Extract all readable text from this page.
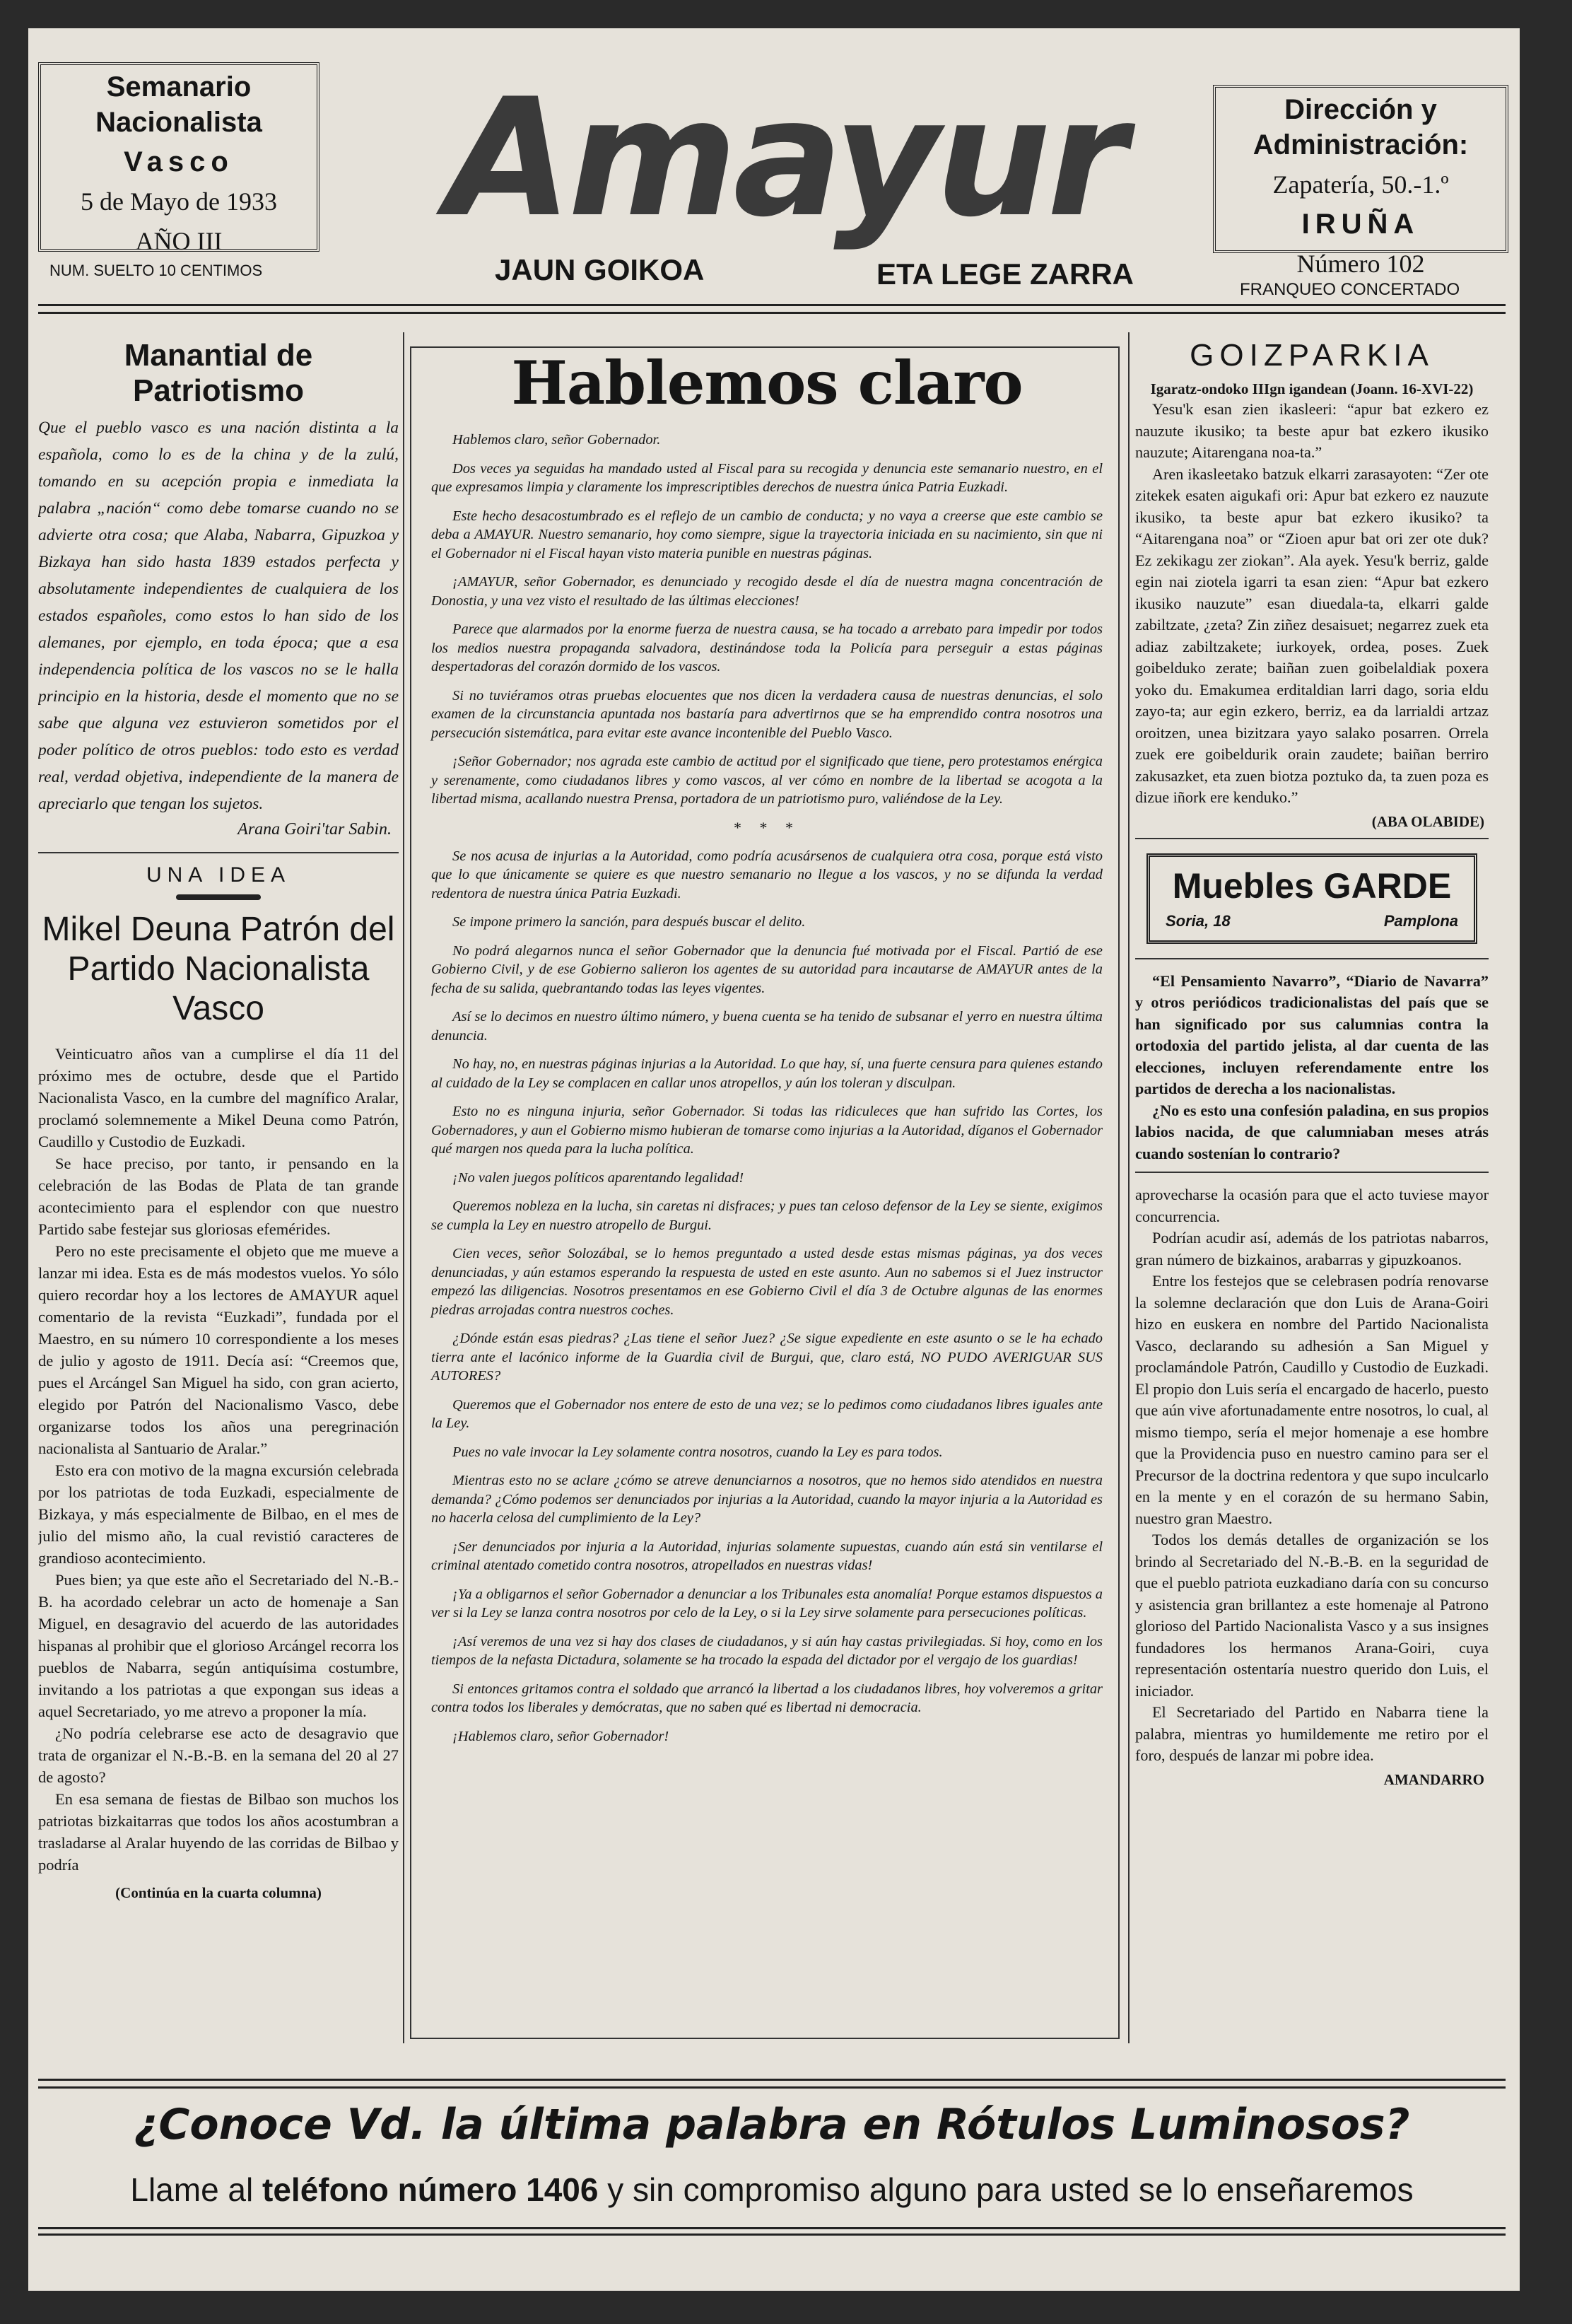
Semanario Nacionalista
Vasco
5 de Mayo de 1933
AÑO III
NUM. SUELTO 10 CENTIMOS
Amayur
JAUN GOIKOA	ETA LEGE ZARRA
Dirección y Administración:
Zapatería, 50.-1.º
IRUÑA
Número 102
FRANQUEO CONCERTADO
Manantial de Patriotismo

Que el pueblo vasco es una nación distinta a la española, como lo es de la china y de la zulú, tomando en su acepción propia e inmediata la palabra „nación“ como debe tomarse cuando no se advierte otra cosa; que Alaba, Nabarra, Gipuzkoa y Bizkaya han sido hasta 1839 estados perfecta y absolutamente independientes de cualquiera de los estados españoles, como estos lo han sido de los alemanes, por ejemplo, en toda época; que a esa independencia política de los vascos no se le halla principio en la historia, desde el momento que no se sabe que alguna vez estuvieron sometidos por el poder político de otros pueblos: todo esto es verdad real, verdad objetiva, independiente de la manera de apreciarlo que tengan los sujetos.

Arana Goiri'tar Sabin.

UNA IDEA
Mikel Deuna Patrón del Partido Nacionalista Vasco

Veinticuatro años van a cumplirse el día 11 del próximo mes de octubre, desde que el Partido Nacionalista Vasco, en la cumbre del magnífico Aralar, proclamó solemnemente a Mikel Deuna como Patrón, Caudillo y Custodio de Euzkadi.

Se hace preciso, por tanto, ir pensando en la celebración de las Bodas de Plata de tan grande acontecimiento para el esplendor con que nuestro Partido sabe festejar sus gloriosas efemérides.

Pero no este precisamente el objeto que me mueve a lanzar mi idea. Esta es de más modestos vuelos. Yo sólo quiero recordar hoy a los lectores de AMAYUR aquel comentario de la revista “Euzkadi”, fundada por el Maestro, en su número 10 correspondiente a los meses de julio y agosto de 1911. Decía así: “Creemos que, pues el Arcángel San Miguel ha sido, con gran acierto, elegido por Patrón del Nacionalismo Vasco, debe organizarse todos los años una peregrinación nacionalista al Santuario de Aralar.”

Esto era con motivo de la magna excursión celebrada por los patriotas de toda Euzkadi, especialmente de Bizkaya, y más especialmente de Bilbao, en el mes de julio del mismo año, la cual revistió caracteres de grandioso acontecimiento.

Pues bien; ya que este año el Secretariado del N.-B.-B. ha acordado celebrar un acto de homenaje a San Miguel, en desagravio del acuerdo de las autoridades hispanas al prohibir que el glorioso Arcángel recorra los pueblos de Nabarra, según antiquísima costumbre, invitando a los patriotas a que expongan sus ideas a aquel Secretariado, yo me atrevo a proponer la mía.

¿No podría celebrarse ese acto de desagravio que trata de organizar el N.-B.-B. en la semana del 20 al 27 de agosto?

En esa semana de fiestas de Bilbao son muchos los patriotas bizkaitarras que todos los años acostumbran a trasladarse al Aralar huyendo de las corridas de Bilbao y podría

(Continúa en la cuarta columna)
Hablemos claro

Hablemos claro, señor Gobernador.

Dos veces ya seguidas ha mandado usted al Fiscal para su recogida y denuncia este semanario nuestro, en el que expresamos limpia y claramente los imprescriptibles derechos de nuestra única Patria Euzkadi.

Este hecho desacostumbrado es el reflejo de un cambio de conducta; y no vaya a creerse que este cambio se deba a AMAYUR. Nuestro semanario, hoy como siempre, sigue la trayectoria iniciada en su nacimiento, sin que ni el Gobernador ni el Fiscal hayan visto materia punible en nuestras páginas.

¡AMAYUR, señor Gobernador, es denunciado y recogido desde el día de nuestra magna concentración de Donostia, y una vez visto el resultado de las últimas elecciones!

Parece que alarmados por la enorme fuerza de nuestra causa, se ha tocado a arrebato para impedir por todos los medios nuestra propaganda salvadora, destinándose toda la Policía para perseguir a estas páginas despertadoras del corazón dormido de los vascos.

Si no tuviéramos otras pruebas elocuentes que nos dicen la verdadera causa de nuestras denuncias, el solo examen de la circunstancia apuntada nos bastaría para advertirnos que se ha emprendido contra nosotros una persecución sistemática, para evitar este avance incontenible del Pueblo Vasco.

¡Señor Gobernador; nos agrada este cambio de actitud por el significado que tiene, pero protestamos enérgica y serenamente, como ciudadanos libres y como vascos, al ver cómo en nombre de la libertad se acogota a la libertad misma, acallando nuestra Prensa, portadora de un patriotismo puro, valiéndose de la Ley.

* * *

Se nos acusa de injurias a la Autoridad, como podría acusársenos de cualquiera otra cosa, porque está visto que lo que únicamente se quiere es que nuestro semanario no llegue a los vascos, y no se difunda la verdad redentora de nuestra única Patria Euzkadi.

Se impone primero la sanción, para después buscar el delito.

No podrá alegarnos nunca el señor Gobernador que la denuncia fué motivada por el Fiscal. Partió de ese Gobierno Civil, y de ese Gobierno salieron los agentes de su autoridad para incautarse de AMAYUR antes de la fecha de su salida, quebrantando todas las leyes vigentes.

Así se lo decimos en nuestro último número, y buena cuenta se ha tenido de subsanar el yerro en nuestra última denuncia.

No hay, no, en nuestras páginas injurias a la Autoridad. Lo que hay, sí, una fuerte censura para quienes estando al cuidado de la Ley se complacen en callar unos atropellos, y aún los toleran y disculpan.

Esto no es ninguna injuria, señor Gobernador. Si todas las ridiculeces que han sufrido las Cortes, los Gobernadores, y aun el Gobierno mismo hubieran de tomarse como injurias a la Autoridad, díganos el Gobernador qué margen nos queda para la lucha política.

¡No valen juegos políticos aparentando legalidad!

Queremos nobleza en la lucha, sin caretas ni disfraces; y pues tan celoso defensor de la Ley se siente, exigimos se cumpla la Ley en nuestro atropello de Burgui.

Cien veces, señor Solozábal, se lo hemos preguntado a usted desde estas mismas páginas, ya dos veces denunciadas, y aún estamos esperando la respuesta de usted en este asunto. Aun no sabemos si el Juez instructor empezó las diligencias. Nosotros presentamos en ese Gobierno Civil el día 3 de Octubre algunas de las enormes piedras arrojadas contra nuestros coches.

¿Dónde están esas piedras? ¿Las tiene el señor Juez? ¿Se sigue expediente en este asunto o se le ha echado tierra ante el lacónico informe de la Guardia civil de Burgui, que, claro está, NO PUDO AVERIGUAR SUS AUTORES?

Queremos que el Gobernador nos entere de esto de una vez; se lo pedimos como ciudadanos libres iguales ante la Ley.

Pues no vale invocar la Ley solamente contra nosotros, cuando la Ley es para todos.

Mientras esto no se aclare ¿cómo se atreve denunciarnos a nosotros, que no hemos sido atendidos en nuestra demanda? ¿Cómo podemos ser denunciados por injurias a la Autoridad, cuando la mayor injuria a la Autoridad es no hacerla celosa del cumplimiento de la Ley?

¡Ser denunciados por injuria a la Autoridad, injurias solamente supuestas, cuando aún está sin ventilarse el criminal atentado cometido contra nosotros, atropellados en nuestras vidas!

¡Ya a obligarnos el señor Gobernador a denunciar a los Tribunales esta anomalía! Porque estamos dispuestos a ver si la Ley se lanza contra nosotros por celo de la Ley, o si la Ley sirve solamente para persecuciones políticas.

¡Así veremos de una vez si hay dos clases de ciudadanos, y si aún hay castas privilegiadas. Si hoy, como en los tiempos de la nefasta Dictadura, solamente se ha trocado la espada del dictador por el vergajo de los guardias!

Si entonces gritamos contra el soldado que arrancó la libertad a los ciudadanos libres, hoy volveremos a gritar contra todos los liberales y demócratas, que no saben qué es libertad ni democracia.

¡Hablemos claro, señor Gobernador!

GOIZPARKIA
Igaratz-ondoko IIIgn igandean (Joann. 16-XVI-22)

Yesu'k esan zien ikasleeri: “apur bat ezkero ez nauzute ikusiko; ta beste apur bat ezkero ikusiko nauzute; Aitarengana noa-ta.”

Aren ikasleetako batzuk elkarri zarasayoten: “Zer ote zitekek esaten aigukafi ori: Apur bat ezkero ez nauzute ikusiko, ta beste apur bat ezkero ikusiko? ta “Aitarengana noa” or “Zioen apur bat ori zer ote duk? Ez zekikagu zer ziokan”. Ala ayek. Yesu'k berriz, galde egin nai ziotela igarri ta esan zien: “Apur bat ezkero ikusiko nauzute” esan diuedala-ta, elkarri galde zabiltzate, ¿zeta? Zin ziñez desaisuet; negarrez zuek eta adiaz zabiltzakete; iurkoyek, ordea, poses. Zuek goibelduko zerate; baiñan zuen goibelaldiak poxera yoko du. Emakumea erditaldian larri dago, soria eldu zayo-ta; aur egin ezkero, berriz, ea da larrialdi artzaz oroitzen, unea bizitzara yayo salako posarren. Orrela zuek ere goibeldurik orain zaudete; baiñan berriro zakusazket, eta zuen biotza poztuko da, ta zuen poza es dizue iñork ere kenduko.”

(ABA OLABIDE)
Muebles GARDE
Soria, 18	Pamplona

“El Pensamiento Navarro”, “Diario de Navarra” y otros periódicos tradicionalistas del país que se han significado por sus calumnias contra la ortodoxia del partido jelista, al dar cuenta de las elecciones, incluyen referendamente entre los partidos de derecha a los nacionalistas.

¿No es esto una confesión paladina, en sus propios labios nacida, de que calumniaban meses atrás cuando sostenían lo contrario?

aprovecharse la ocasión para que el acto tuviese mayor concurrencia.

Podrían acudir así, además de los patriotas nabarros, gran número de bizkainos, arabarras y gipuzkoanos.

Entre los festejos que se celebrasen podría renovarse la solemne declaración que don Luis de Arana-Goiri hizo en euskera en nombre del Partido Nacionalista Vasco, declarando su adhesión a San Miguel y proclamándole Patrón, Caudillo y Custodio de Euzkadi. El propio don Luis sería el encargado de hacerlo, puesto que aún vive afortunadamente entre nosotros, lo cual, al mismo tiempo, sería el mejor homenaje a ese hombre que la Providencia puso en nuestro camino para ser el Precursor de la doctrina redentora y que supo inculcarlo en la mente y en el corazón de su hermano Sabin, nuestro gran Maestro.

Todos los demás detalles de organización se los brindo al Secretariado del N.-B.-B. en la seguridad de que el pueblo patriota euzkadiano daría con su concurso y asistencia gran brillantez a este homenaje al Patrono glorioso del Partido Nacionalista Vasco y a sus insignes fundadores los hermanos Arana-Goiri, cuya representación ostentaría nuestro querido don Luis, el iniciador.

El Secretariado del Partido en Nabarra tiene la palabra, mientras yo humildemente me retiro por el foro, después de lanzar mi pobre idea.

AMANDARRO
¿Conoce Vd. la última palabra en Rótulos Luminosos?
Llame al teléfono número 1406 y sin compromiso alguno para usted se lo enseñaremos
